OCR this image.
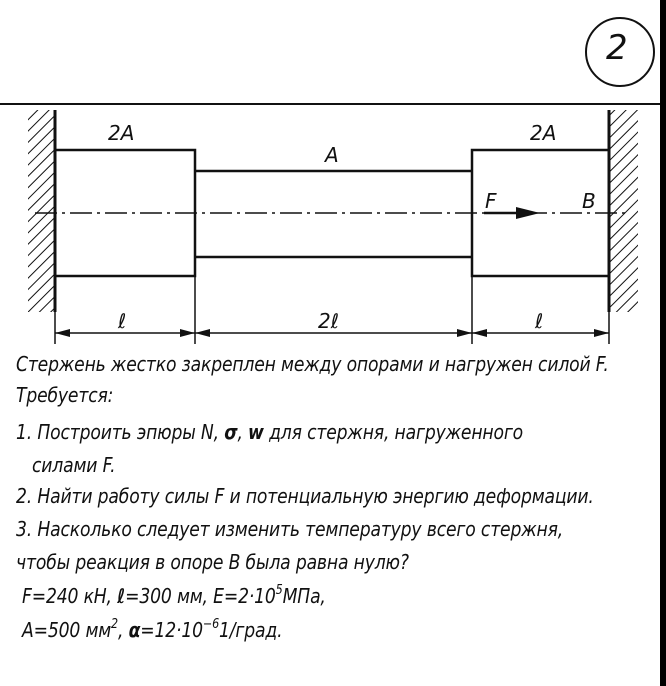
2A
A
2A
F	B
ℓ	2ℓ	ℓ
2
Стержень жестко закреплен между опорами и нагружен силой F.
Требуется:
1. Построить эпюры N, σ, w для стержня, нагруженного
силами F.
2. Найти работу силы F и потенциальную энергию деформации.
3. Насколько следует изменить температуру всего стержня,
чтобы реакция в опоре B была равна нулю?
F=240 кН, ℓ=300 мм, $E=2\cdot 10^5МПа$,
A=500 $мм^2$, $\alpha=12\cdot 10^{-6}1$/град.
